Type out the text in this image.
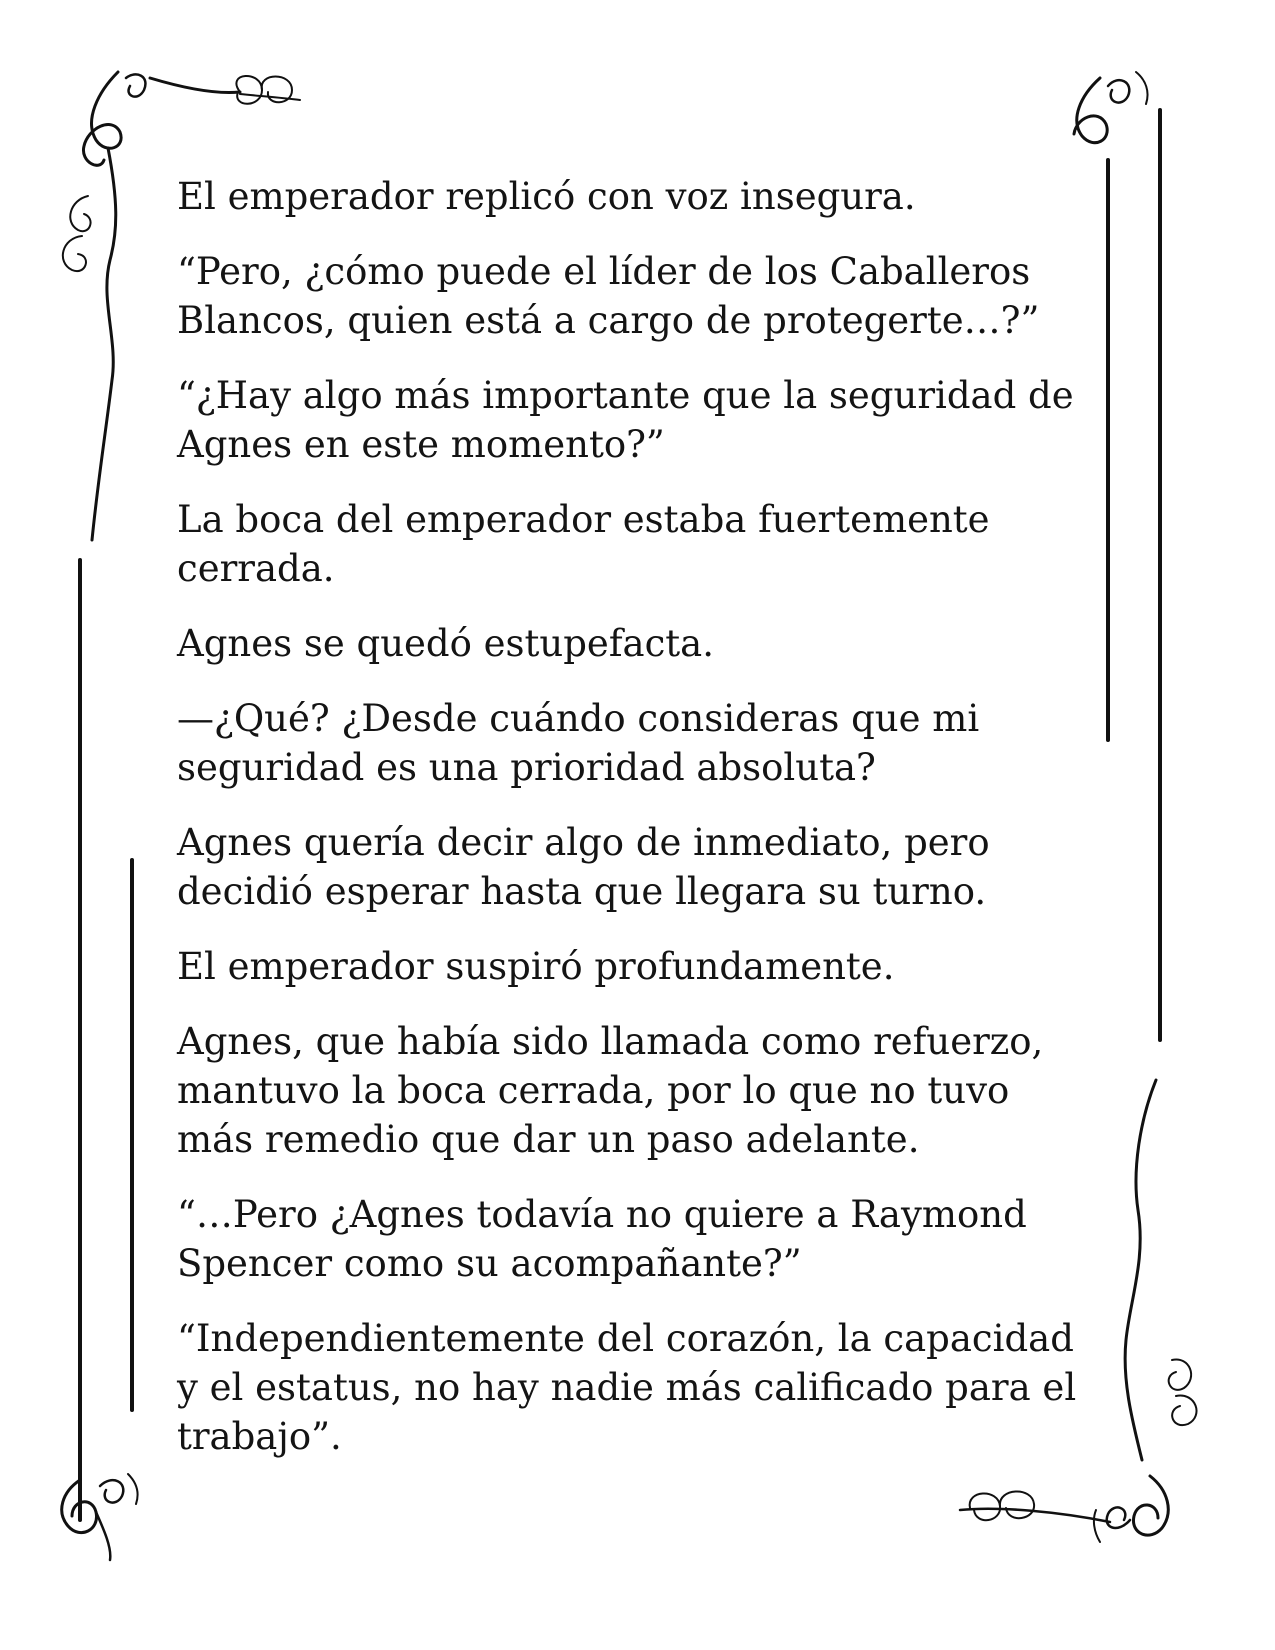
El emperador replicó con voz insegura.

“Pero, ¿cómo puede el líder de los Caballeros
Blancos, quien está a cargo de protegerte…?”

“¿Hay algo más importante que la seguridad de
Agnes en este momento?”

La boca del emperador estaba fuertemente
cerrada.

Agnes se quedó estupefacta.

—¿Qué? ¿Desde cuándo consideras que mi
seguridad es una prioridad absoluta?

Agnes quería decir algo de inmediato, pero
decidió esperar hasta que llegara su turno.

El emperador suspiró profundamente.

Agnes, que había sido llamada como refuerzo,
mantuvo la boca cerrada, por lo que no tuvo
más remedio que dar un paso adelante.

“…Pero ¿Agnes todavía no quiere a Raymond
Spencer como su acompañante?”

“Independientemente del corazón, la capacidad
y el estatus, no hay nadie más calificado para el
trabajo”.
